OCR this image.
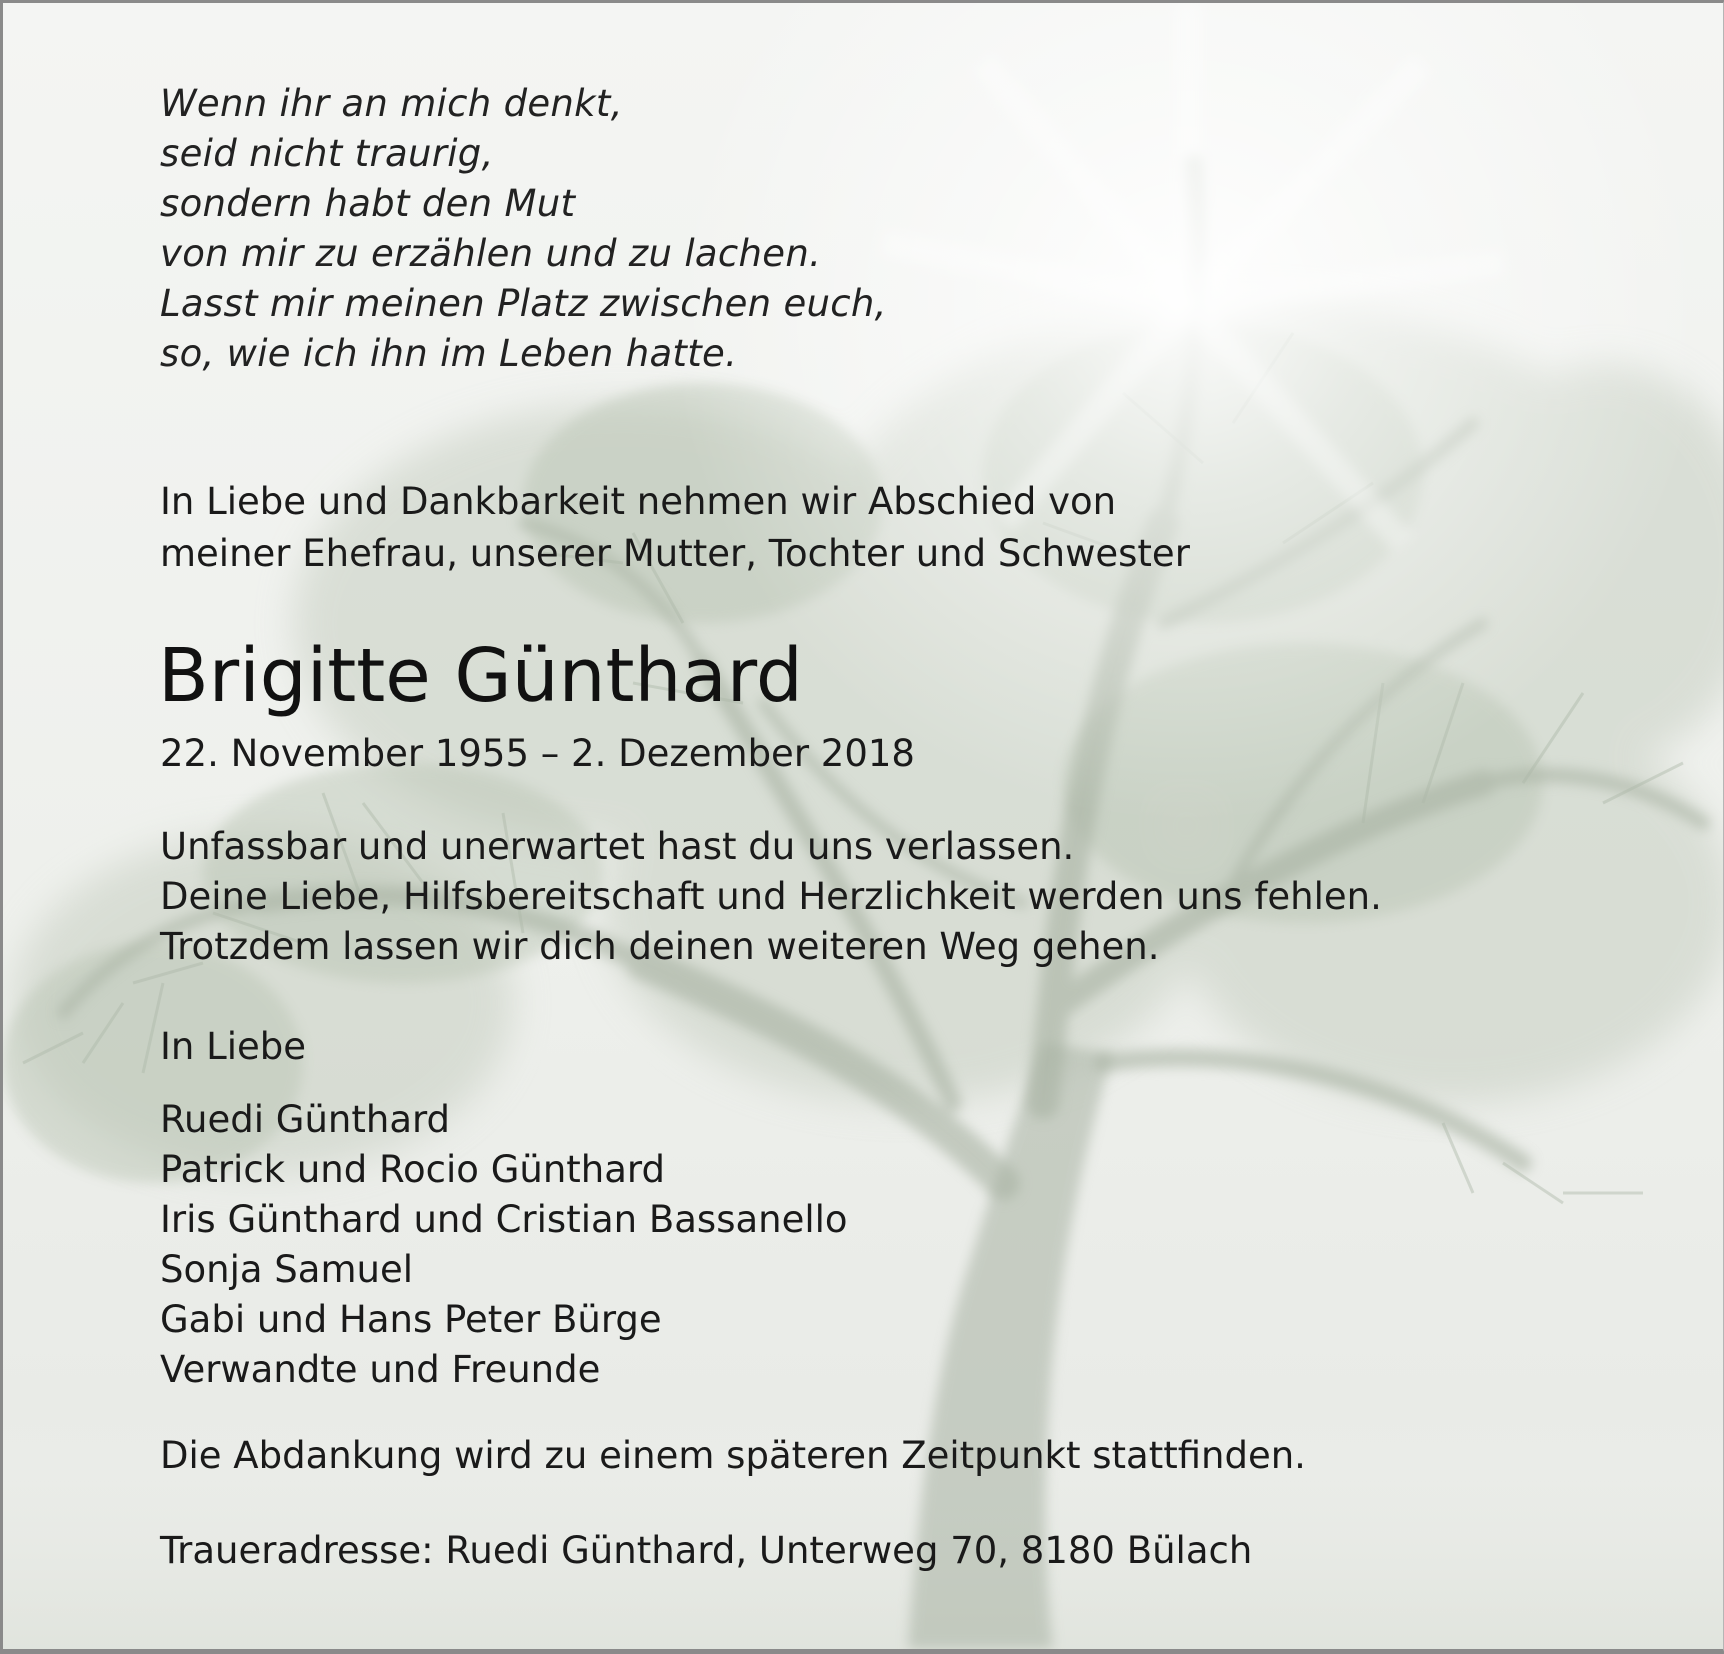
Wenn ihr an mich denkt,
seid nicht traurig,
sondern habt den Mut
von mir zu erzählen und zu lachen.
Lasst mir meinen Platz zwischen euch,
so, wie ich ihn im Leben hatte.
In Liebe und Dankbarkeit nehmen wir Abschied von
meiner Ehefrau, unserer Mutter, Tochter und Schwester
Brigitte Günthard
22. November 1955 – 2. Dezember 2018
Unfassbar und unerwartet hast du uns verlassen.
Deine Liebe, Hilfsbereitschaft und Herzlichkeit werden uns fehlen.
Trotzdem lassen wir dich deinen weiteren Weg gehen.
In Liebe
Ruedi Günthard
Patrick und Rocio Günthard
Iris Günthard und Cristian Bassanello
Sonja Samuel
Gabi und Hans Peter Bürge
Verwandte und Freunde
Die Abdankung wird zu einem späteren Zeitpunkt stattfinden.
Traueradresse: Ruedi Günthard, Unterweg 70, 8180 Bülach
